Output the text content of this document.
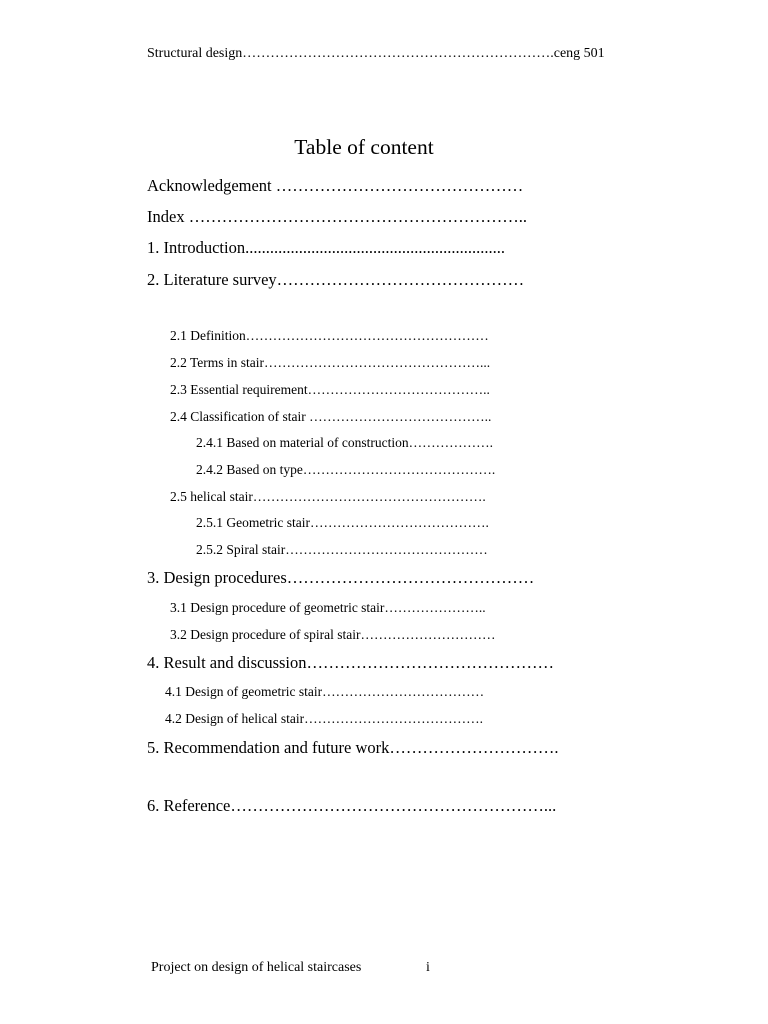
Structural design………………………………………………………….ceng 501
Table of content
Acknowledgement ………………………………………
Index ……………………………………………………..
1. Introduction...............................................................
2. Literature survey………………………………………
2.1 Definition………………………………………………
2.2 Terms in stair…………………………………………...
2.3 Essential requirement…………………………………..
2.4 Classification of stair …………………………………..
2.4.1 Based on material of construction……………….
2.4.2 Based on type…………………………………….
2.5 helical stair…………………………………………….
2.5.1 Geometric stair………………………………….
2.5.2 Spiral stair………………………………………
3. Design procedures………………………………………
3.1 Design procedure of geometric stair…………………..
3.2 Design procedure of spiral stair…………………………
4. Result and discussion………………………………………
4.1 Design of geometric stair………………………………
4.2 Design of helical stair………………………………….
5. Recommendation and future work………………………….
6. Reference…………………………………………………...
Project on design of helical staircases	i
